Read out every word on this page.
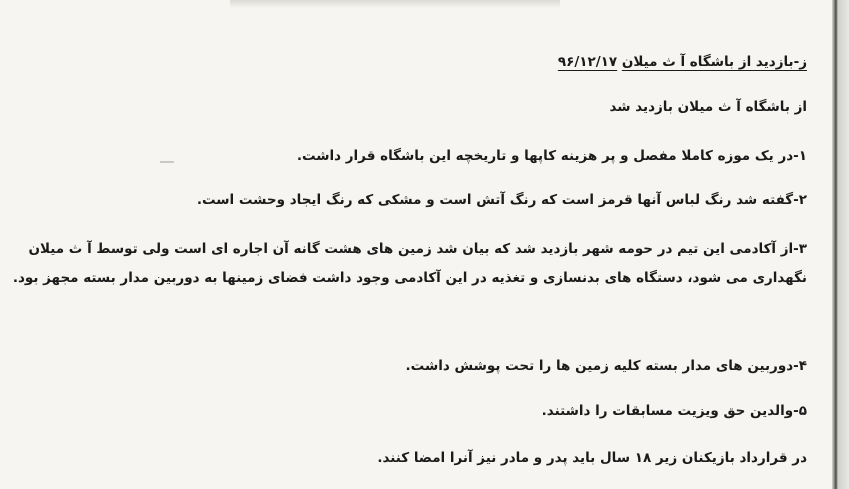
ز-بازدید از باشگاه آ ث میلان ۹۶/۱۲/۱۷
از باشگاه آ ث میلان بازدید شد
۱-در یک موزه کاملا مفصل و پر هزینه کاپها و تاریخچه این باشگاه قرار داشت.
۲-گفته شد رنگ لباس آنها قرمز است که رنگ آتش است و مشکی که رنگ ایجاد وحشت است.
۳-از آکادمی این تیم در حومه شهر بازدید شد که بیان شد زمین های هشت گانه آن اجاره ای است ولی توسط آ ث میلان نگهداری می شود، دستگاه های بدنسازی و تغذیه در این آکادمی وجود داشت فضای زمینها به دوربین مدار بسته مجهز بود.
۴-دوربین های مدار بسته کلیه زمین ها را تحت پوشش داشت.
۵-والدین حق ویزیت مسابقات را داشتند.
در قرارداد بازیکنان زیر ۱۸ سال باید پدر و مادر نیز آنرا امضا کنند.
